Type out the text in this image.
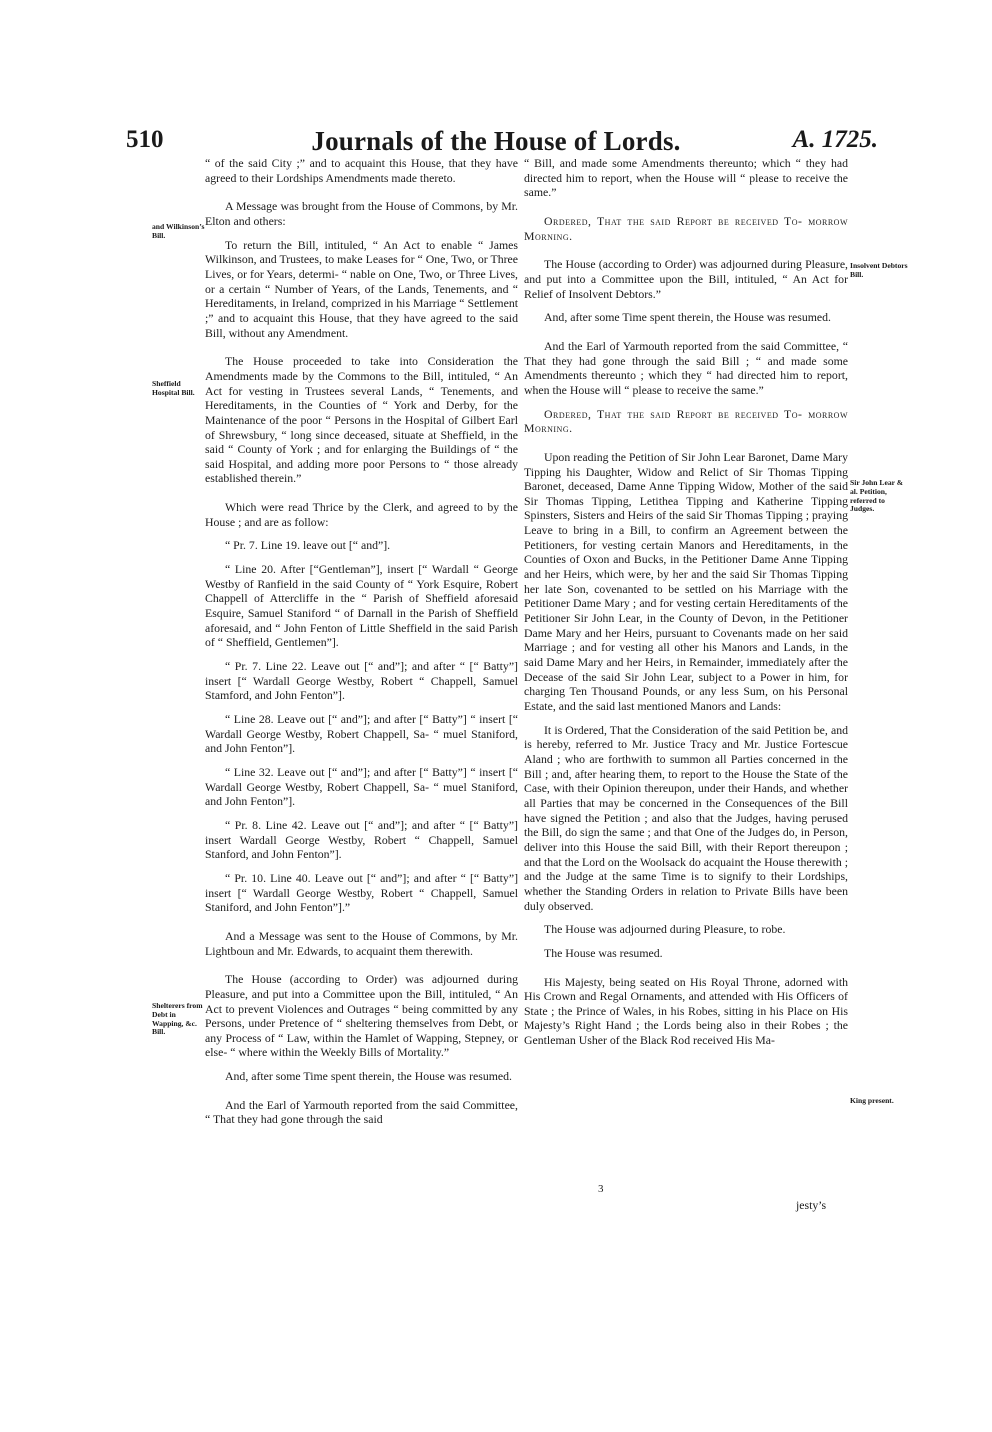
510	Journals of the House of Lords.	A. 1725.

“ of the said City ;” and to acquaint this House, that they have agreed to their Lordships Amendments made thereto.

A Message was brought from the House of Commons, by Mr. Elton and others:

To return the Bill, intituled, “ An Act to enable “ James Wilkinson, and Trustees, to make Leases for “ One, Two, or Three Lives, or for Years, determi- “ nable on One, Two, or Three Lives, or a certain “ Number of Years, of the Lands, Tenements, and “ Hereditaments, in Ireland, comprized in his Marriage “ Settlement ;” and to acquaint this House, that they have agreed to the said Bill, without any Amendment.

The House proceeded to take into Consideration the Amendments made by the Commons to the Bill, intituled, “ An Act for vesting in Trustees several Lands, “ Tenements, and Hereditaments, in the Counties of “ York and Derby, for the Maintenance of the poor “ Persons in the Hospital of Gilbert Earl of Shrewsbury, “ long since deceased, situate at Sheffield, in the said “ County of York ; and for enlarging the Buildings of “ the said Hospital, and adding more poor Persons to “ those already established therein.”

Which were read Thrice by the Clerk, and agreed to by the House ; and are as follow:

“ Pr. 7. Line 19. leave out [“ and”].

“ Line 20. After [“Gentleman”], insert [“ Wardall “ George Westby of Ranfield in the said County of “ York Esquire, Robert Chappell of Attercliffe in the “ Parish of Sheffield aforesaid Esquire, Samuel Staniford “ of Darnall in the Parish of Sheffield aforesaid, and “ John Fenton of Little Sheffield in the said Parish of “ Sheffield, Gentlemen”].

“ Pr. 7. Line 22. Leave out [“ and”]; and after “ [“ Batty”] insert [“ Wardall George Westby, Robert “ Chappell, Samuel Stamford, and John Fenton”].

“ Line 28. Leave out [“ and”]; and after [“ Batty”] “ insert [“ Wardall George Westby, Robert Chappell, Sa- “ muel Staniford, and John Fenton”].

“ Line 32. Leave out [“ and”]; and after [“ Batty”] “ insert [“ Wardall George Westby, Robert Chappell, Sa- “ muel Staniford, and John Fenton”].

“ Pr. 8. Line 42. Leave out [“ and”]; and after “ [“ Batty”] insert Wardall George Westby, Robert “ Chappell, Samuel Stanford, and John Fenton”].

“ Pr. 10. Line 40. Leave out [“ and”]; and after “ [“ Batty”] insert [“ Wardall George Westby, Robert “ Chappell, Samuel Staniford, and John Fenton”].”

And a Message was sent to the House of Commons, by Mr. Lightboun and Mr. Edwards, to acquaint them therewith.

The House (according to Order) was adjourned during Pleasure, and put into a Committee upon the Bill, intituled, “ An Act to prevent Violences and Outrages “ being committed by any Persons, under Pretence of “ sheltering themselves from Debt, or any Process of “ Law, within the Hamlet of Wapping, Stepney, or else- “ where within the Weekly Bills of Mortality.”

And, after some Time spent therein, the House was resumed.

And the Earl of Yarmouth reported from the said Committee, “ That they had gone through the said

“ Bill, and made some Amendments thereunto; which “ they had directed him to report, when the House will “ please to receive the same.”

Ordered, That the said Report be received To- morrow Morning.

The House (according to Order) was adjourned during Pleasure, and put into a Committee upon the Bill, intituled, “ An Act for Relief of Insolvent Debtors.”

And, after some Time spent therein, the House was resumed.

And the Earl of Yarmouth reported from the said Committee, “ That they had gone through the said Bill ; “ and made some Amendments thereunto ; which they “ had directed him to report, when the House will “ please to receive the same.”

Ordered, That the said Report be received To- morrow Morning.

Upon reading the Petition of Sir John Lear Baronet, Dame Mary Tipping his Daughter, Widow and Relict of Sir Thomas Tipping Baronet, deceased, Dame Anne Tipping Widow, Mother of the said Sir Thomas Tipping, Letithea Tipping and Katherine Tipping Spinsters, Sisters and Heirs of the said Sir Thomas Tipping ; praying Leave to bring in a Bill, to confirm an Agreement between the Petitioners, for vesting certain Manors and Hereditaments, in the Counties of Oxon and Bucks, in the Petitioner Dame Anne Tipping and her Heirs, which were, by her and the said Sir Thomas Tipping her late Son, covenanted to be settled on his Marriage with the Petitioner Dame Mary ; and for vesting certain Hereditaments of the Petitioner Sir John Lear, in the County of Devon, in the Petitioner Dame Mary and her Heirs, pursuant to Covenants made on her said Marriage ; and for vesting all other his Manors and Lands, in the said Dame Mary and her Heirs, in Remainder, immediately after the Decease of the said Sir John Lear, subject to a Power in him, for charging Ten Thousand Pounds, or any less Sum, on his Personal Estate, and the said last mentioned Manors and Lands:

It is Ordered, That the Consideration of the said Petition be, and is hereby, referred to Mr. Justice Tracy and Mr. Justice Fortescue Aland ; who are forthwith to summon all Parties concerned in the Bill ; and, after hearing them, to report to the House the State of the Case, with their Opinion thereupon, under their Hands, and whether all Parties that may be concerned in the Consequences of the Bill have signed the Petition ; and also that the Judges, having perused the Bill, do sign the same ; and that One of the Judges do, in Person, deliver into this House the said Bill, with their Report thereupon ; and that the Lord on the Woolsack do acquaint the House therewith ; and the Judge at the same Time is to signify to their Lordships, whether the Standing Orders in relation to Private Bills have been duly observed.

The House was adjourned during Pleasure, to robe.

The House was resumed.

His Majesty, being seated on His Royal Throne, adorned with His Crown and Regal Ornaments, and attended with His Officers of State ; the Prince of Wales, in his Robes, sitting in his Place on His Majesty’s Right Hand ; the Lords being also in their Robes ; the Gentleman Usher of the Black Rod received His Ma-

and Wilkinson’s Bill.
Sheffield Hospital Bill.
Shelterers from Debt in Wapping, &c. Bill.
Insolvent Debtors Bill.
Sir John Lear & al. Petition, referred to Judges.
King present.
3
jesty’s
